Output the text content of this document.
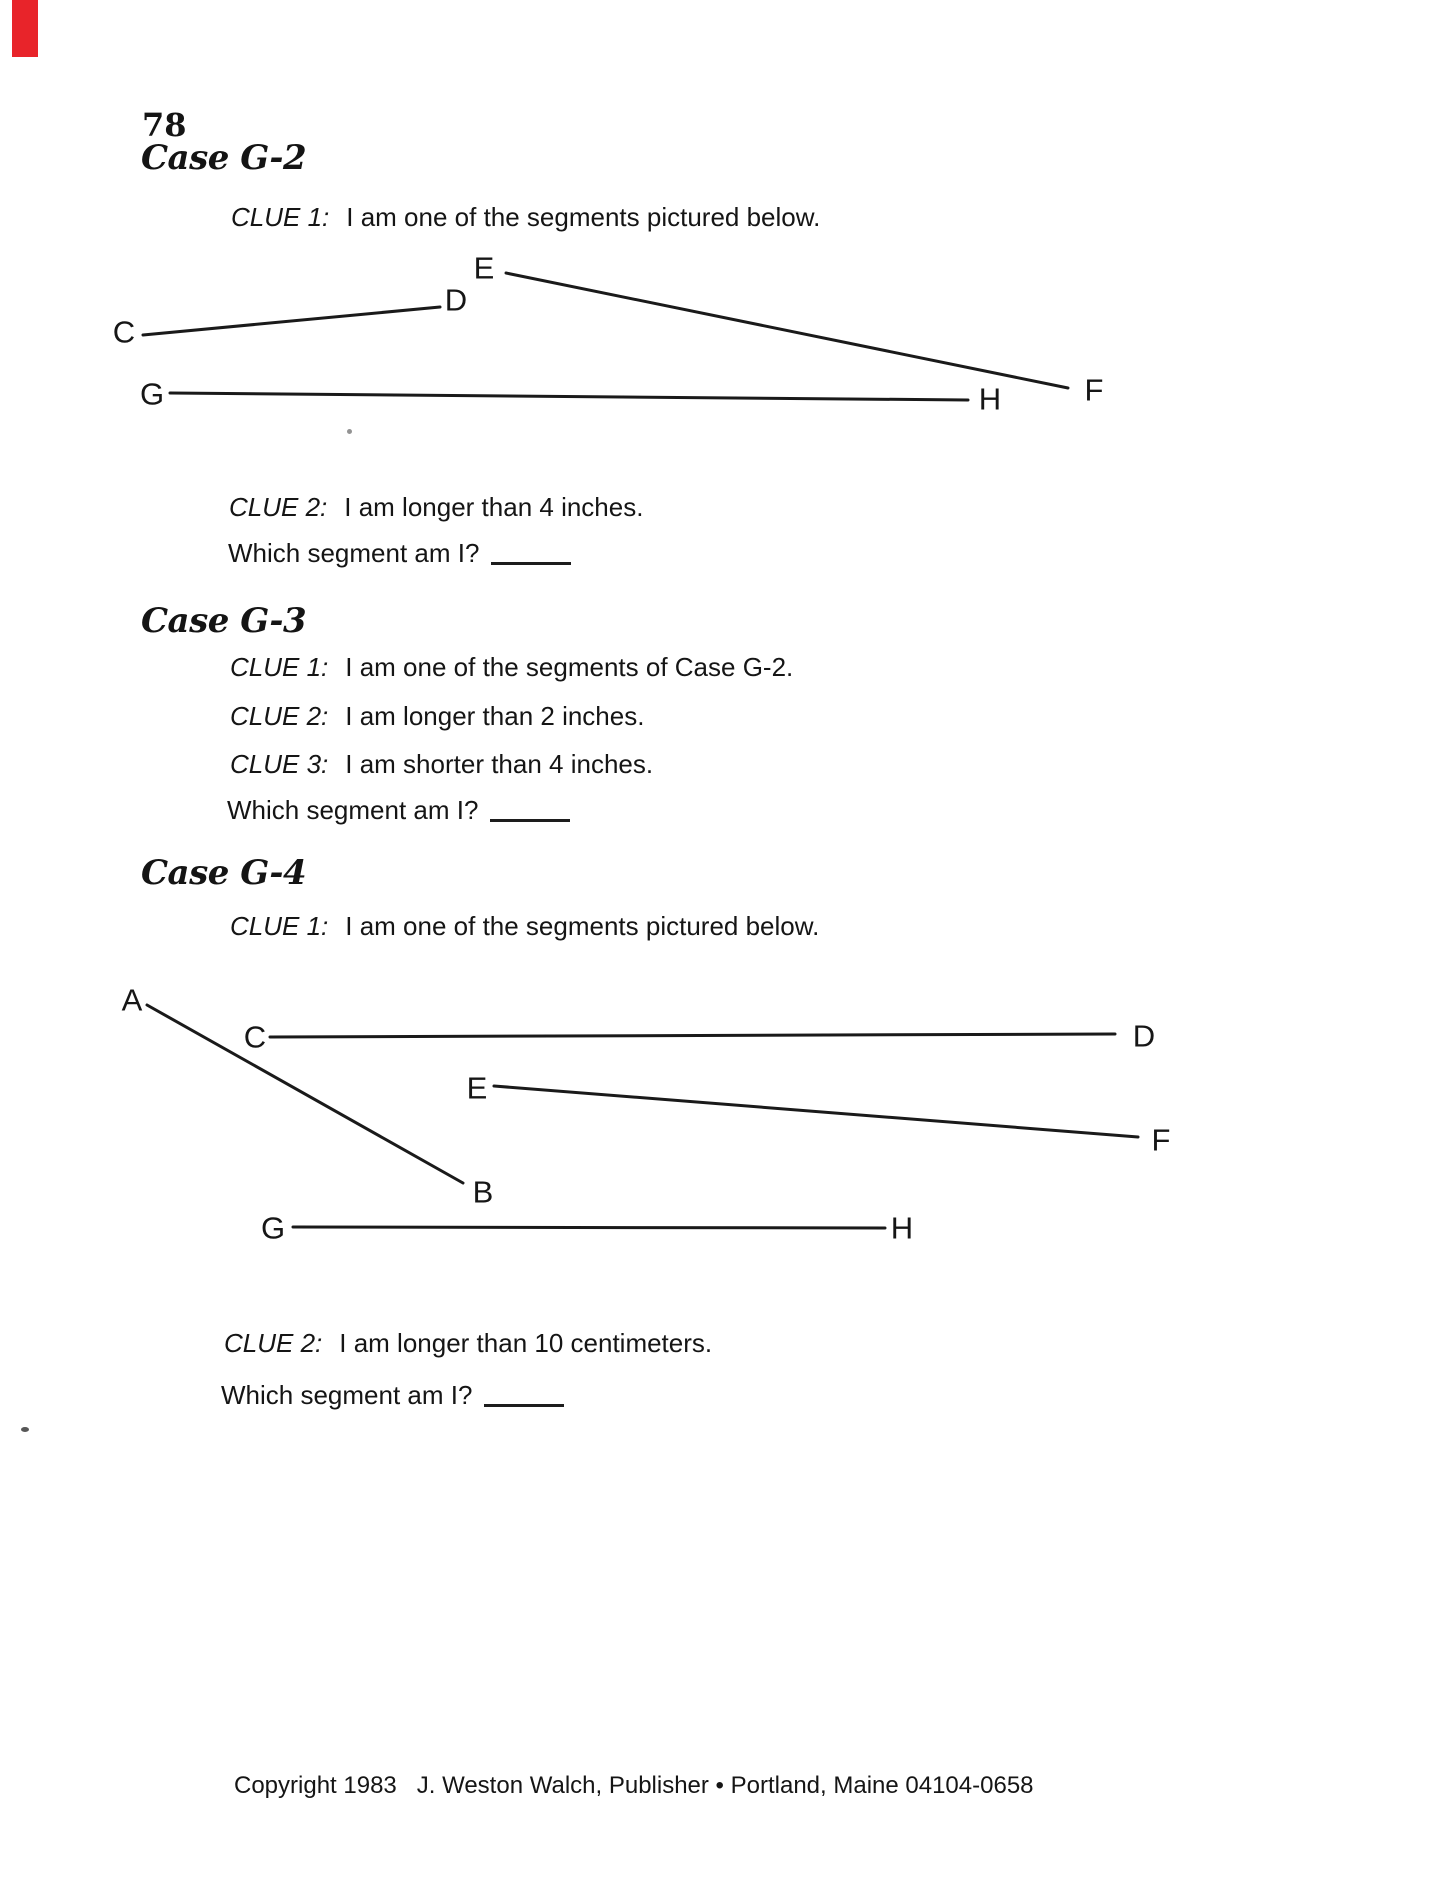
78
Case G-2
CLUE 1: I am one of the segments pictured below.
C
D
E
F
G	H
CLUE 2: I am longer than 4 inches.
Which segment am I?
Case G-3
CLUE 1: I am one of the segments of Case G-2.
CLUE 2: I am longer than 2 inches.
CLUE 3: I am shorter than 4 inches.
Which segment am I?
Case G-4
CLUE 1: I am one of the segments pictured below.
A
B
C	D
E
F
G	H
CLUE 2: I am longer than 10 centimeters.
Which segment am I?
Copyright 1983   J. Weston Walch, Publisher • Portland, Maine 04104-0658
